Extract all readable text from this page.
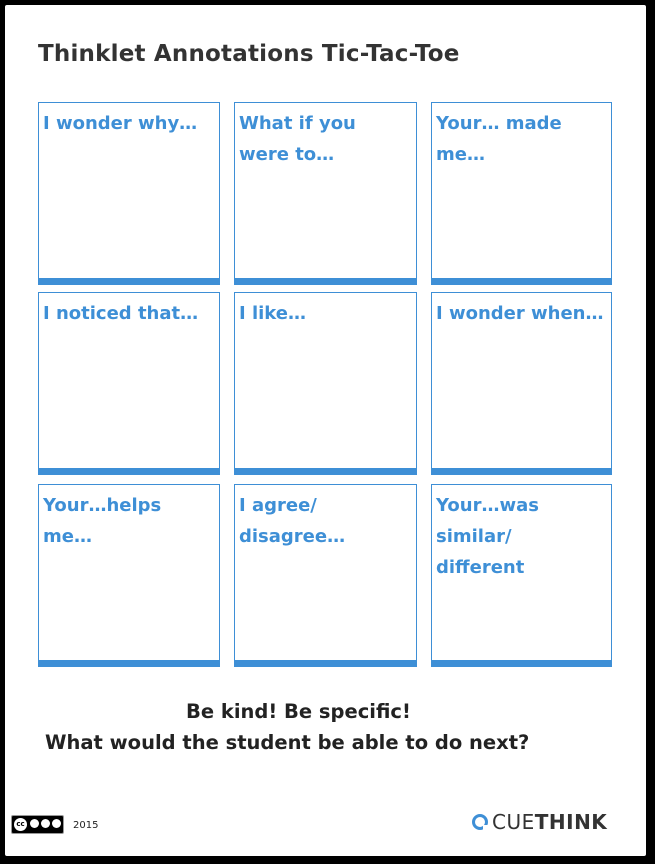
Thinklet Annotations Tic-Tac-Toe
I wonder why…	What if you were to…
Your… made me…
I noticed that…	I like…	I wonder when…
Your…helps me…
I agree/ disagree…
Your…was similar/ different
Be kind! Be specific!
What would the student be able to do next?
cc	2015	CUETHINK
